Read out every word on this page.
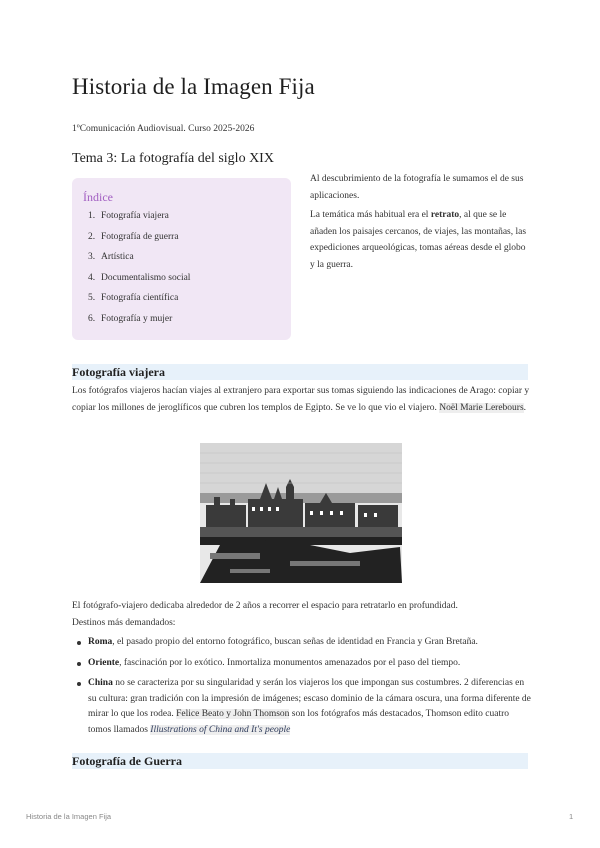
Historia de la Imagen Fija
1ºComunicación Audiovisual. Curso 2025-2026
Tema 3: La fotografía del siglo XIX
Índice
1. Fotografía viajera
2. Fotografía de guerra
3. Artística
4. Documentalismo social
5. Fotografía científica
6. Fotografía y mujer

Al descubrimiento de la fotografía le sumamos el de sus aplicaciones.

La temática más habitual era el retrato, al que se le añaden los paisajes cercanos, de viajes, las montañas, las expediciones arqueológicas, tomas aéreas desde el globo y la guerra.

Fotografía viajera
Los fotógrafos viajeros hacían viajes al extranjero para exportar sus tomas siguiendo las indicaciones de Arago: copiar y copiar los millones de jeroglíficos que cubren los templos de Egipto. Se ve lo que vio el viajero. Noël Marie Lerebours.
El fotógrafo-viajero dedicaba alrededor de 2 años a recorrer el espacio para retratarlo en profundidad.
Destinos más demandados:
Roma, el pasado propio del entorno fotográfico, buscan señas de identidad en Francia y Gran Bretaña.
Oriente, fascinación por lo exótico. Inmortaliza monumentos amenazados por el paso del tiempo.
China no se caracteriza por su singularidad y serán los viajeros los que impongan sus costumbres. 2 diferencias en su cultura: gran tradición con la impresión de imágenes; escaso dominio de la cámara oscura, una forma diferente de mirar lo que los rodea. Felice Beato y John Thomson son los fotógrafos más destacados, Thomson edito cuatro tomos llamados Illustrations of China and It's people
Fotografía de Guerra
Historia de la Imagen Fija	1
